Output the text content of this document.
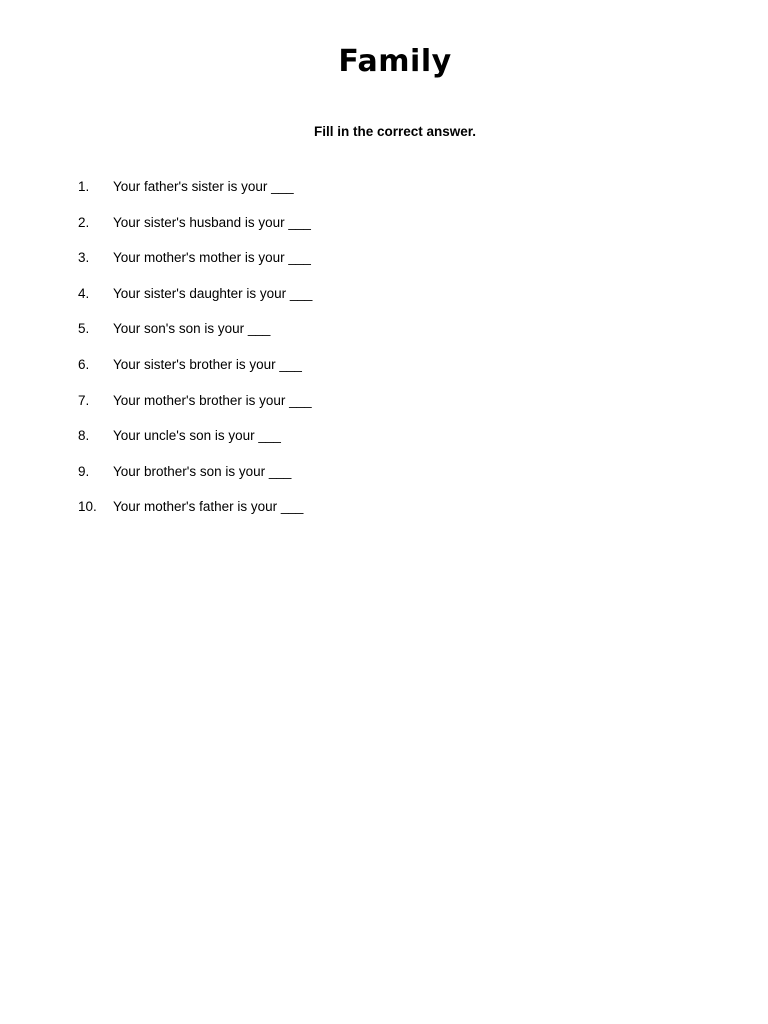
Family

Fill in the correct answer.

1.	Your father's sister is your ___
2.	Your sister's husband is your ___
3.	Your mother's mother is your ___
4.	Your sister's daughter is your ___
5.	Your son's son is your ___
6.	Your sister's brother is your ___
7.	Your mother's brother is your ___
8.	Your uncle's son is your ___
9.	Your brother's son is your ___
10.	Your mother's father is your ___
